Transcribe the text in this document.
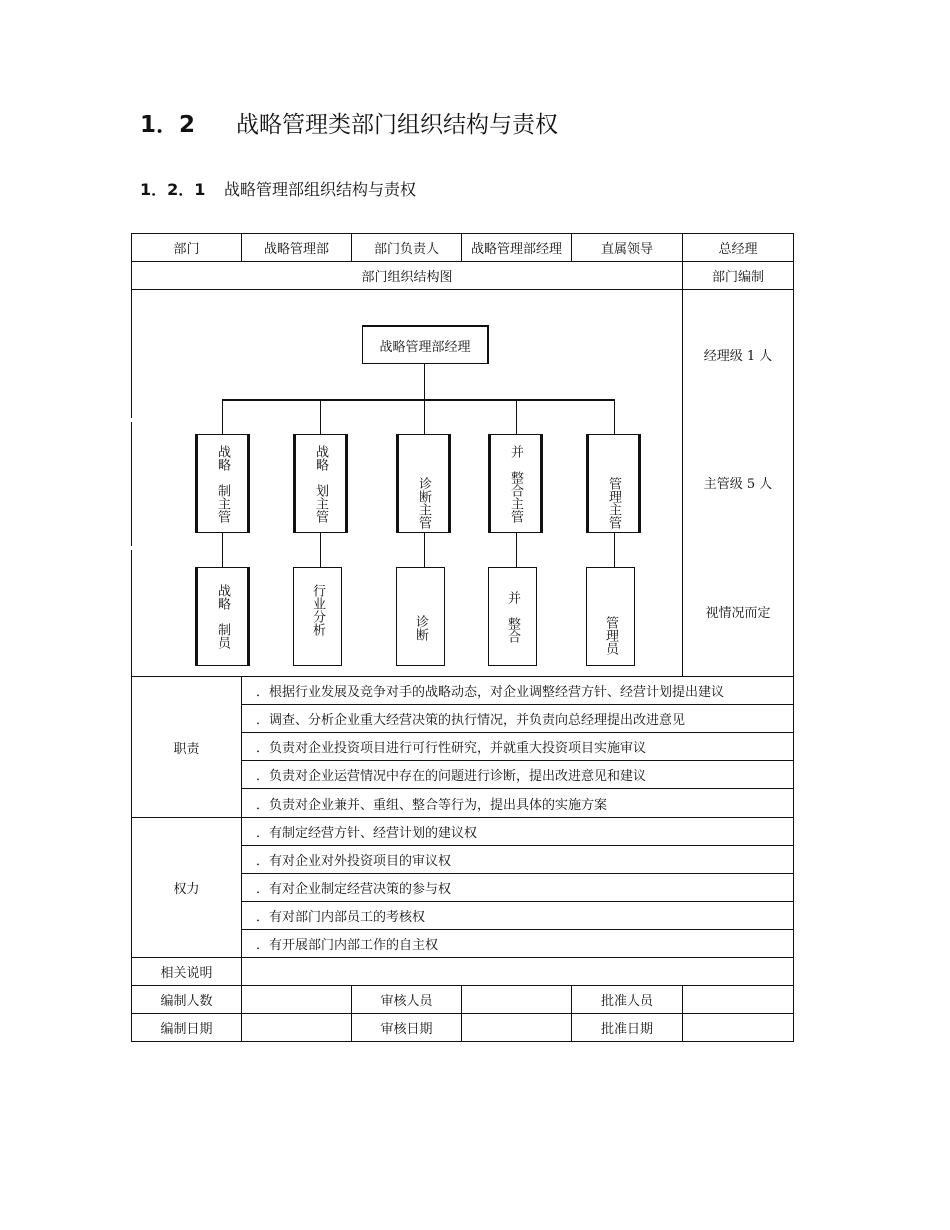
1．2 战略管理类部门组织结构与责权
1．2．1 战略管理部组织结构与责权
部门	战略管理部	部门负责人	战略管理部经理	直属领导	总经理
部门组织结构图	部门编制
经理级 1 人
主管级 5 人
视情况而定
战略管理部经理
战略　制主管	战略　划主管	诊断主管	并　整合主管	管理主管
战略　制员	行业分析	诊断	并　整合	管理员
职责
．根据行业发展及竞争对手的战略动态，对企业调整经营方针、经营计划提出建议
．调查、分析企业重大经营决策的执行情况，并负责向总经理提出改进意见
．负责对企业投资项目进行可行性研究，并就重大投资项目实施审议
．负责对企业运营情况中存在的问题进行诊断，提出改进意见和建议
．负责对企业兼并、重组、整合等行为，提出具体的实施方案
权力
．有制定经营方针、经营计划的建议权
．有对企业对外投资项目的审议权
．有对企业制定经营决策的参与权
．有对部门内部员工的考核权
．有开展部门内部工作的自主权
相关说明
编制人数	审核人员	批准人员
编制日期	审核日期	批准日期
